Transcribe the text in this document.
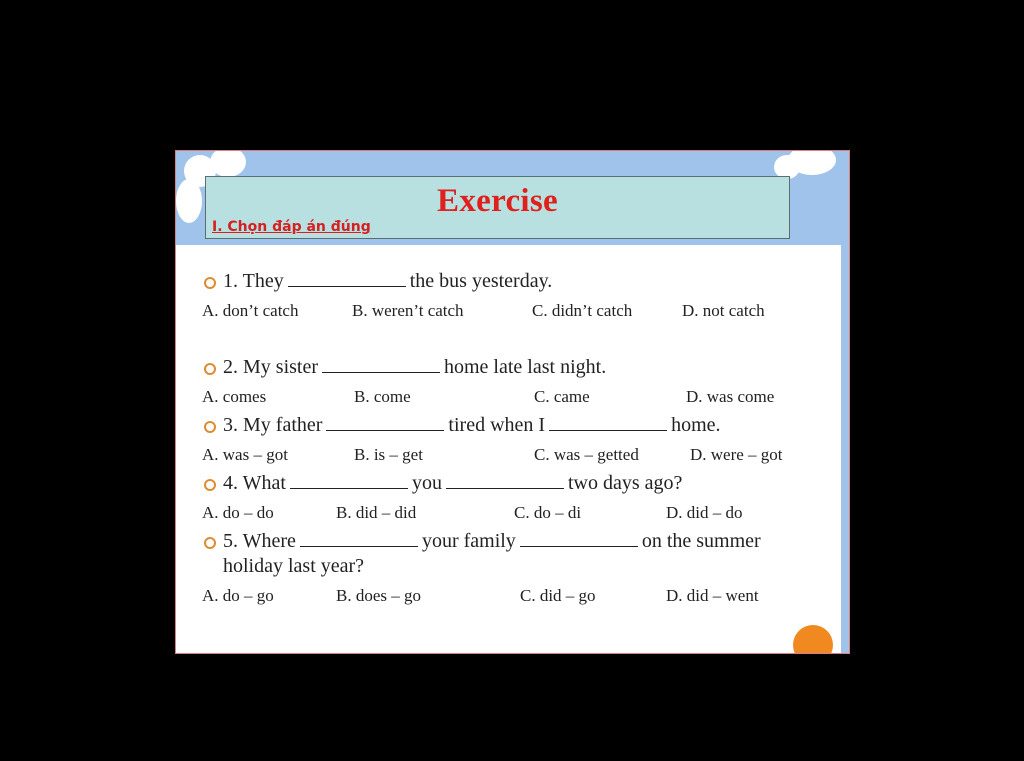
Exercise
I. Chọn đáp án đúng
1. They	the bus yesterday.
A. don’t catch	B. weren’t catch	C. didn’t catch	D. not catch
2. My sister	home late last night.
A. comes	B. come	C. came	D. was come
3. My father	tired when I	home.
A. was – got	B. is – get	C. was – getted	D. were – got
4. What	you	two days ago?
A. do – do	B. did – did	C. do – di	D. did – do
5. Where	your family	on the summer
holiday last year?
A. do – go	B. does – go	C. did – go	D. did – went
